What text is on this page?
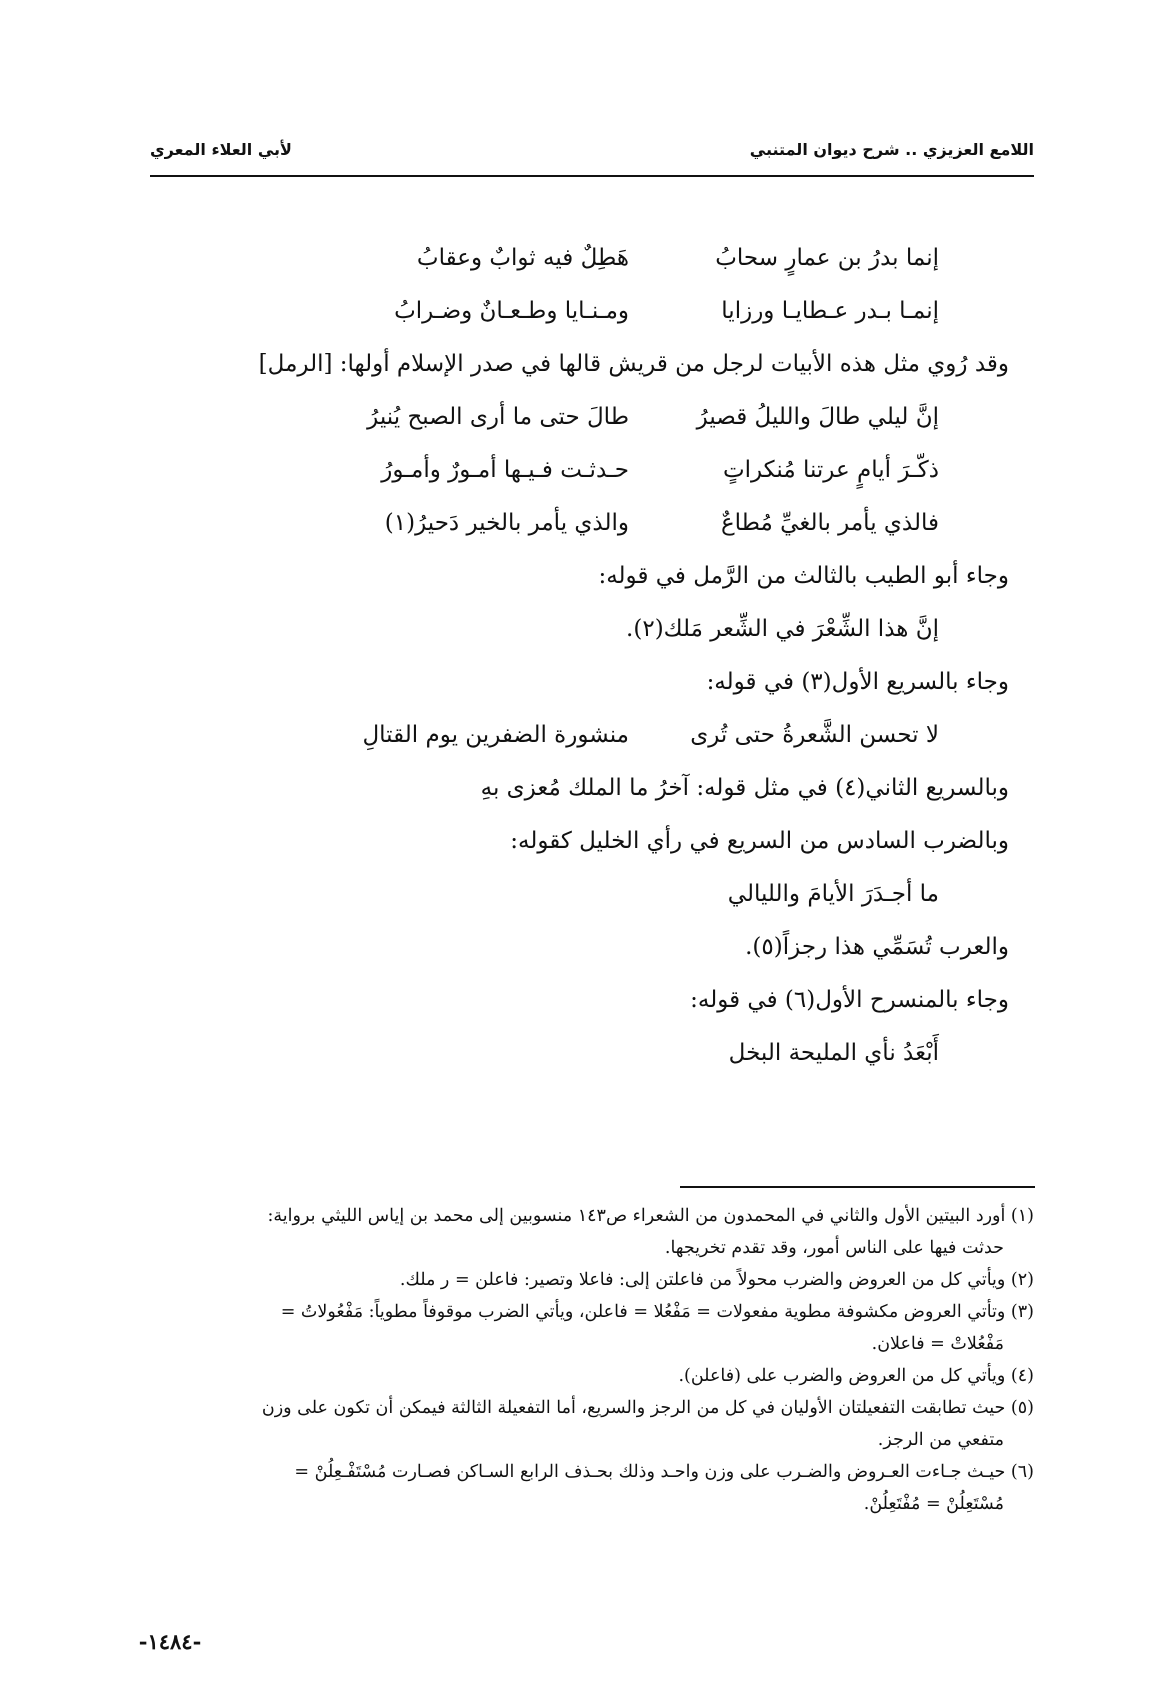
اللامع العزيزي .. شرح ديوان المتنبي
لأبي العلاء المعري
إنما بدرُ بن عمارٍ سحابُ
هَطِلٌ فيه ثوابٌ وعقابُ
إنمـا بـدر عـطايـا ورزايا
ومـنـايا وطـعـانٌ وضـرابُ
وقد رُوي مثل هذه الأبيات لرجل من قريش قالها في صدر الإسلام أولها: [الرمل]
إنَّ ليلي طالَ والليلُ قصيرُ
طالَ حتى ما أرى الصبح يُنيرُ
ذكّـرَ أيامٍ عرتنا مُنكراتٍ
حـدثـت فـيـها أمـورٌ وأمـورُ
فالذي يأمر بالغيِّ مُطاعٌ
والذي يأمر بالخير دَحيرُ(١)
وجاء أبو الطيب بالثالث من الرَّمل في قوله:
إنَّ هذا الشِّعْرَ في الشِّعر مَلك(٢).
وجاء بالسريع الأول(٣) في قوله:
لا تحسن الشَّعرةُ حتى تُرى
منشورة الضفرين يوم القتالِ
وبالسريع الثاني(٤) في مثل قوله: آخرُ ما الملك مُعزى بهِ
وبالضرب السادس من السريع في رأي الخليل كقوله:
ما أجـدَرَ الأيامَ والليالي
والعرب تُسَمِّي هذا رجزاً(٥).
وجاء بالمنسرح الأول(٦) في قوله:
أَبْعَدُ نأي المليحة البخل

(١) أورد البيتين الأول والثاني في المحمدون من الشعراء ص١٤٣ منسوبين إلى محمد بن إياس الليثي برواية:

حدثت فيها على الناس أمور، وقد تقدم تخريجها.

(٢) ويأتي كل من العروض والضرب محولاً من فاعلتن إلى: فاعلا وتصير: فاعلن = ر ملك.

(٣) وتأتي العروض مكشوفة مطوية مفعولات = مَفْعُلا = فاعلن، ويأتي الضرب موقوفاً مطوياً: مَفْعُولاتُ =

مَفْعُلاتْ = فاعلان.

(٤) ويأتي كل من العروض والضرب على (فاعلن).

(٥) حيث تطابقت التفعيلتان الأوليان في كل من الرجز والسريع، أما التفعيلة الثالثة فيمكن أن تكون على وزن

متفعي من الرجز.

(٦) حيـث جـاءت العـروض والضـرب على وزن واحـد وذلك بحـذف الرابع السـاكن فصـارت مُسْتَفْـعِلُنْ =

مُسْتَعِلُنْ = مُفْتَعِلُنْ.

-١٤٨٤-
